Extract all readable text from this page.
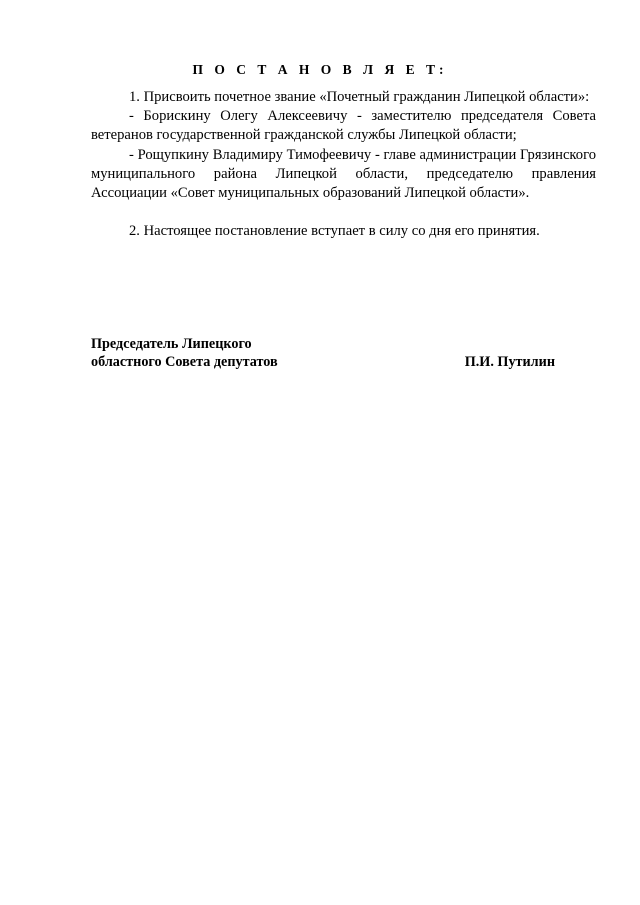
П О С Т А Н О В Л Я Е Т:

1. Присвоить почетное звание «Почетный гражданин Липецкой области»:

- Борискину Олегу Алексеевичу - заместителю председателя Совета ветеранов государственной гражданской службы Липецкой области;

- Рощупкину Владимиру Тимофеевичу - главе администрации Грязинского муниципального района Липецкой области, председателю правления Ассоциации «Совет муниципальных образований Липецкой области».

2. Настоящее постановление вступает в силу со дня его принятия.

Председатель Липецкого
областного Совета депутатов	П.И. Путилин
